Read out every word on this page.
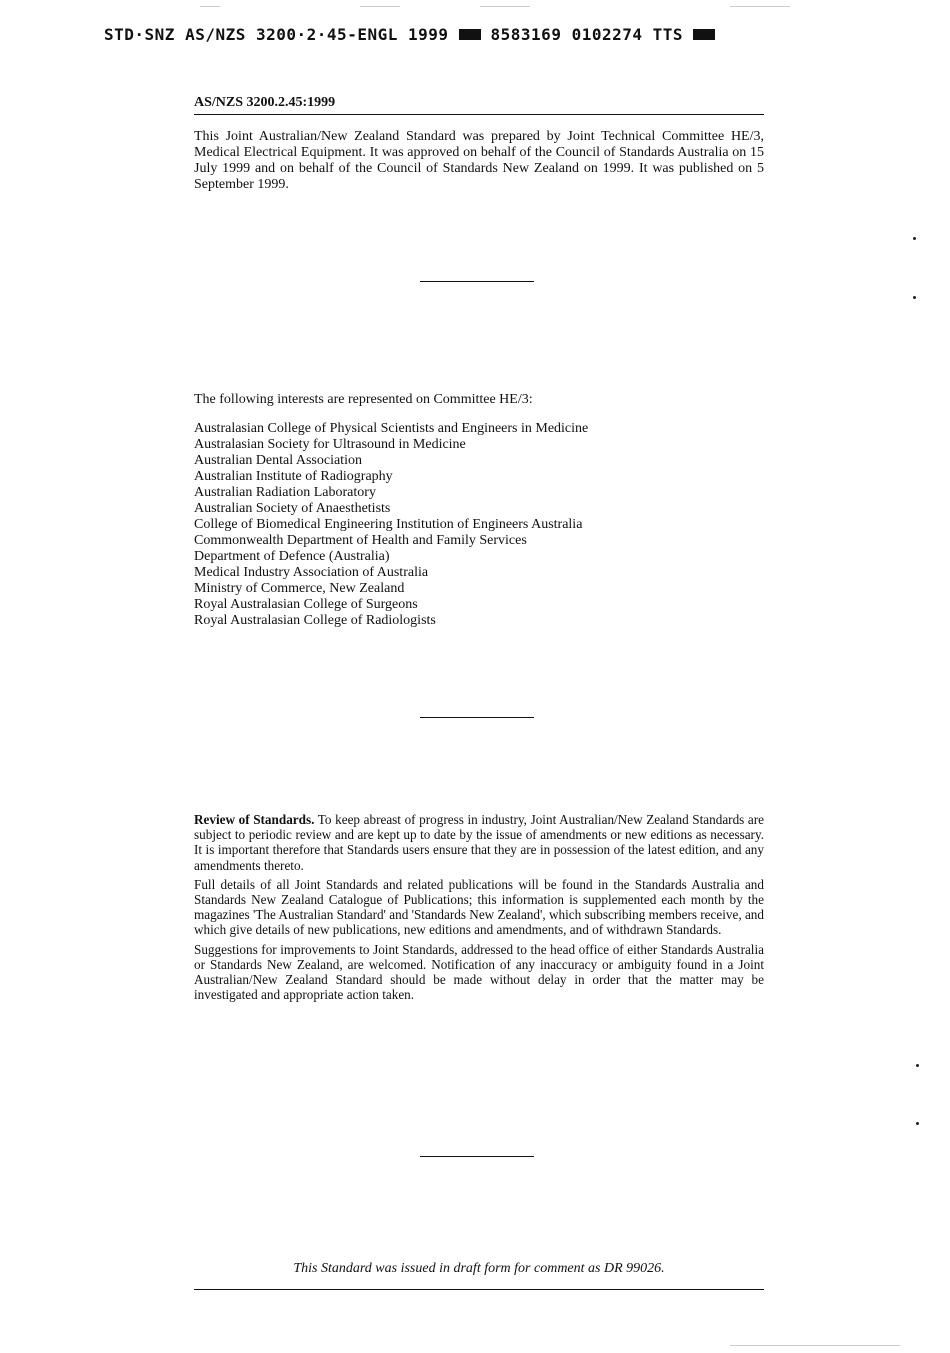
STD·SNZ AS/NZS 3200·2·45-ENGL 1999	8583169 0102274 TTS
AS/NZS 3200.2.45:1999

This Joint Australian/New Zealand Standard was prepared by Joint Technical Committee HE/3, Medical Electrical Equipment. It was approved on behalf of the Council of Standards Australia on 15 July 1999 and on behalf of the Council of Standards New Zealand on 1999. It was published on 5 September 1999.

The following interests are represented on Committee HE/3:

Australasian College of Physical Scientists and Engineers in Medicine
Australasian Society for Ultrasound in Medicine
Australian Dental Association
Australian Institute of Radiography
Australian Radiation Laboratory
Australian Society of Anaesthetists
College of Biomedical Engineering Institution of Engineers Australia
Commonwealth Department of Health and Family Services
Department of Defence (Australia)
Medical Industry Association of Australia
Ministry of Commerce, New Zealand
Royal Australasian College of Surgeons
Royal Australasian College of Radiologists

Review of Standards. To keep abreast of progress in industry, Joint Australian/New Zealand Standards are subject to periodic review and are kept up to date by the issue of amendments or new editions as necessary. It is important therefore that Standards users ensure that they are in possession of the latest edition, and any amendments thereto.

Full details of all Joint Standards and related publications will be found in the Standards Australia and Standards New Zealand Catalogue of Publications; this information is supplemented each month by the magazines 'The Australian Standard' and 'Standards New Zealand', which subscribing members receive, and which give details of new publications, new editions and amendments, and of withdrawn Standards.

Suggestions for improvements to Joint Standards, addressed to the head office of either Standards Australia or Standards New Zealand, are welcomed. Notification of any inaccuracy or ambiguity found in a Joint Australian/New Zealand Standard should be made without delay in order that the matter may be investigated and appropriate action taken.

This Standard was issued in draft form for comment as DR 99026.
